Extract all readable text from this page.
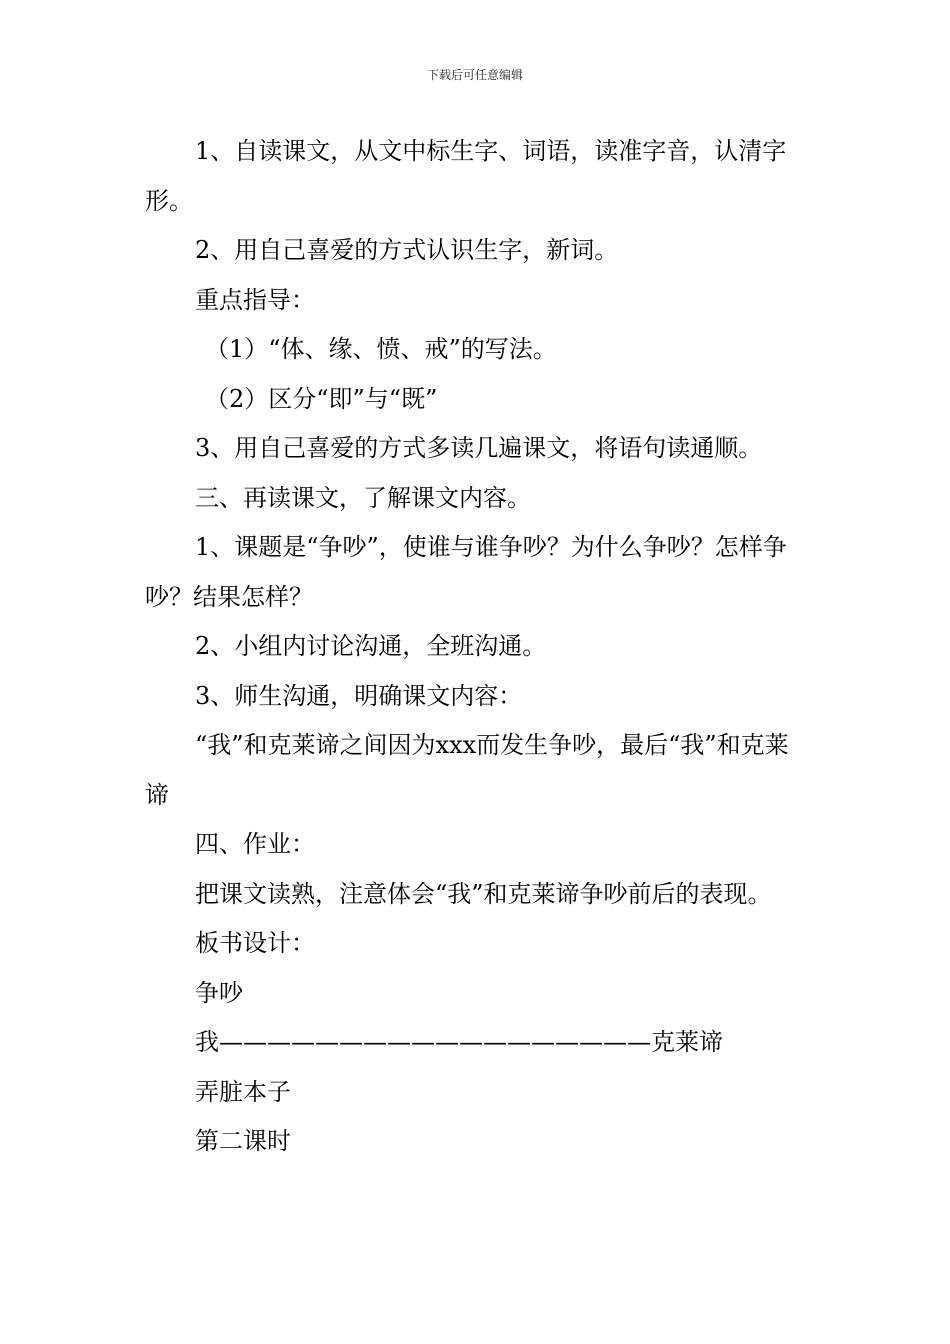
下载后可任意编辑

1、自读课文，从文中标生字、词语，读准字音，认清字形。

2、用自己喜爱的方式认识生字，新词。

重点指导：

（1）“体、缘、愤、戒”的写法。

（2）区分“即”与“既”

3、用自己喜爱的方式多读几遍课文，将语句读通顺。

三、再读课文，了解课文内容。

1、课题是“争吵”，使谁与谁争吵？为什么争吵？怎样争吵？结果怎样？

2、小组内讨论沟通，全班沟通。

3、师生沟通，明确课文内容：

“我”和克莱谛之间因为xxx而发生争吵，最后“我”和克莱谛

四、作业：

把课文读熟，注意体会“我”和克莱谛争吵前后的表现。

板书设计：

争吵

我——————————————————克莱谛

弄脏本子

第二课时
